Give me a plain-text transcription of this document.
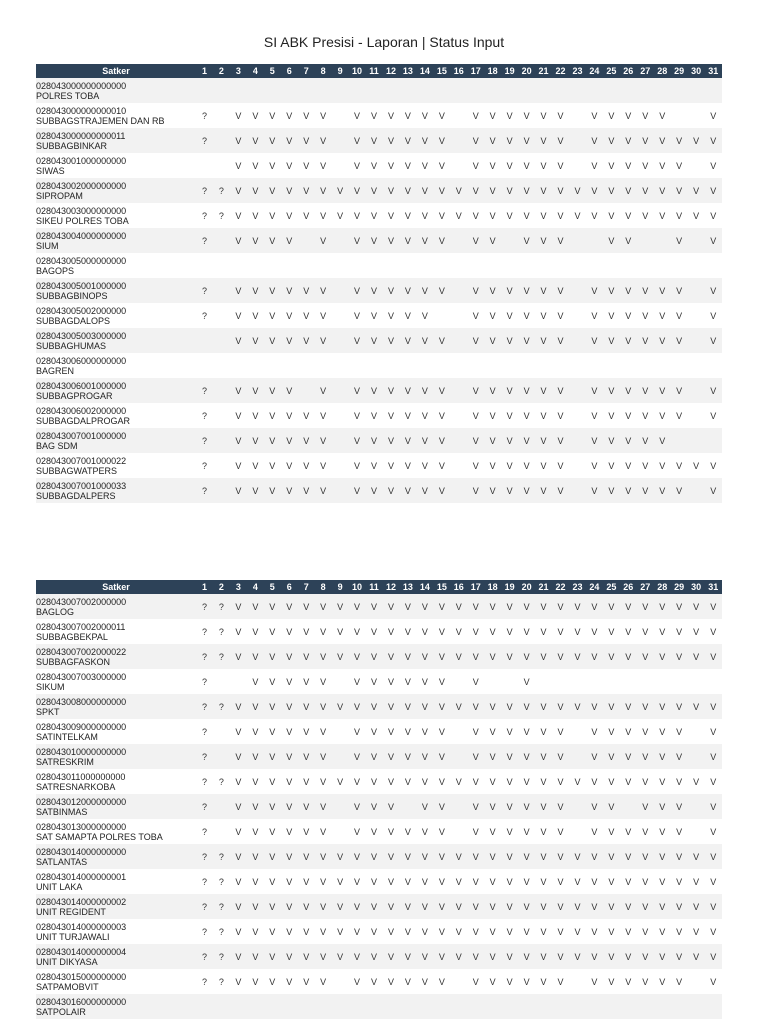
SI ABK Presisi - Laporan | Status Input
Satker	1	2	3	4	5	6	7	8	9	10	11	12	13	14	15	16	17	18	19	20	21	22	23	24	25	26	27	28	29	30	31

028043000000000000
POLRES TOBA																															

028043000000000010
SUBBAGSTRAJEMEN DAN RB	?		V	V	V	V	V	V		V	V	V	V	V	V		V	V	V	V	V	V		V	V	V	V	V			V

028043000000000011
SUBBAGBINKAR	?		V	V	V	V	V	V		V	V	V	V	V	V		V	V	V	V	V	V		V	V	V	V	V	V	V	V

028043001000000000
SIWAS			V	V	V	V	V	V		V	V	V	V	V	V		V	V	V	V	V	V		V	V	V	V	V	V		V

028043002000000000
SIPROPAM	?	?	V	V	V	V	V	V	V	V	V	V	V	V	V	V	V	V	V	V	V	V	V	V	V	V	V	V	V	V	V

028043003000000000
SIKEU POLRES TOBA	?	?	V	V	V	V	V	V	V	V	V	V	V	V	V	V	V	V	V	V	V	V	V	V	V	V	V	V	V	V	V

028043004000000000
SIUM	?		V	V	V	V		V		V	V	V	V	V	V		V	V		V	V	V			V	V			V		V

028043005000000000
BAGOPS																															

028043005001000000
SUBBAGBINOPS	?		V	V	V	V	V	V		V	V	V	V	V	V		V	V	V	V	V	V		V	V	V	V	V	V		V

028043005002000000
SUBBAGDALOPS	?		V	V	V	V	V	V		V	V	V	V	V			V	V	V	V	V	V		V	V	V	V	V	V		V

028043005003000000
SUBBAGHUMAS			V	V	V	V	V	V		V	V	V	V	V	V		V	V	V	V	V	V		V	V	V	V	V	V		V

028043006000000000
BAGREN																															

028043006001000000
SUBBAGPROGAR	?		V	V	V	V		V		V	V	V	V	V	V		V	V	V	V	V	V		V	V	V	V	V	V		V

028043006002000000
SUBBAGDALPROGAR	?		V	V	V	V	V	V		V	V	V	V	V	V		V	V	V	V	V	V		V	V	V	V	V	V		V

028043007001000000
BAG SDM	?		V	V	V	V	V	V		V	V	V	V	V	V		V	V	V	V	V	V		V	V	V	V	V			

028043007001000022
SUBBAGWATPERS	?		V	V	V	V	V	V		V	V	V	V	V	V		V	V	V	V	V	V		V	V	V	V	V	V	V	V

028043007001000033
SUBBAGDALPERS	?		V	V	V	V	V	V		V	V	V	V	V	V		V	V	V	V	V	V		V	V	V	V	V	V		V
Satker	1	2	3	4	5	6	7	8	9	10	11	12	13	14	15	16	17	18	19	20	21	22	23	24	25	26	27	28	29	30	31

028043007002000000
BAGLOG	?	?	V	V	V	V	V	V	V	V	V	V	V	V	V	V	V	V	V	V	V	V	V	V	V	V	V	V	V	V	V

028043007002000011
SUBBAGBEKPAL	?	?	V	V	V	V	V	V	V	V	V	V	V	V	V	V	V	V	V	V	V	V	V	V	V	V	V	V	V	V	V

028043007002000022
SUBBAGFASKON	?	?	V	V	V	V	V	V	V	V	V	V	V	V	V	V	V	V	V	V	V	V	V	V	V	V	V	V	V	V	V

028043007003000000
SIKUM	?			V	V	V	V	V		V	V	V	V	V	V		V			V											

028043008000000000
SPKT	?	?	V	V	V	V	V	V	V	V	V	V	V	V	V	V	V	V	V	V	V	V	V	V	V	V	V	V	V	V	V

028043009000000000
SATINTELKAM	?		V	V	V	V	V	V		V	V	V	V	V	V		V	V	V	V	V	V		V	V	V	V	V	V		V

028043010000000000
SATRESKRIM	?		V	V	V	V	V	V		V	V	V	V	V	V		V	V	V	V	V	V		V	V	V	V	V	V		V

028043011000000000
SATRESNARKOBA	?	?	V	V	V	V	V	V	V	V	V	V	V	V	V	V	V	V	V	V	V	V	V	V	V	V	V	V	V	V	V

028043012000000000
SATBINMAS	?		V	V	V	V	V	V		V	V	V		V	V		V	V	V	V	V	V		V	V		V	V	V		V

028043013000000000
SAT SAMAPTA POLRES TOBA	?		V	V	V	V	V	V		V	V	V	V	V	V		V	V	V	V	V	V		V	V	V	V	V	V		V

028043014000000000
SATLANTAS	?	?	V	V	V	V	V	V	V	V	V	V	V	V	V	V	V	V	V	V	V	V	V	V	V	V	V	V	V	V	V

028043014000000001
UNIT LAKA	?	?	V	V	V	V	V	V	V	V	V	V	V	V	V	V	V	V	V	V	V	V	V	V	V	V	V	V	V	V	V

028043014000000002
UNIT REGIDENT	?	?	V	V	V	V	V	V	V	V	V	V	V	V	V	V	V	V	V	V	V	V	V	V	V	V	V	V	V	V	V

028043014000000003
UNIT TURJAWALI	?	?	V	V	V	V	V	V	V	V	V	V	V	V	V	V	V	V	V	V	V	V	V	V	V	V	V	V	V	V	V

028043014000000004
UNIT DIKYASA	?	?	V	V	V	V	V	V	V	V	V	V	V	V	V	V	V	V	V	V	V	V	V	V	V	V	V	V	V	V	V

028043015000000000
SATPAMOBVIT	?	?	V	V	V	V	V	V		V	V	V	V	V	V		V	V	V	V	V	V		V	V	V	V	V	V		V

028043016000000000
SATPOLAIR																															
